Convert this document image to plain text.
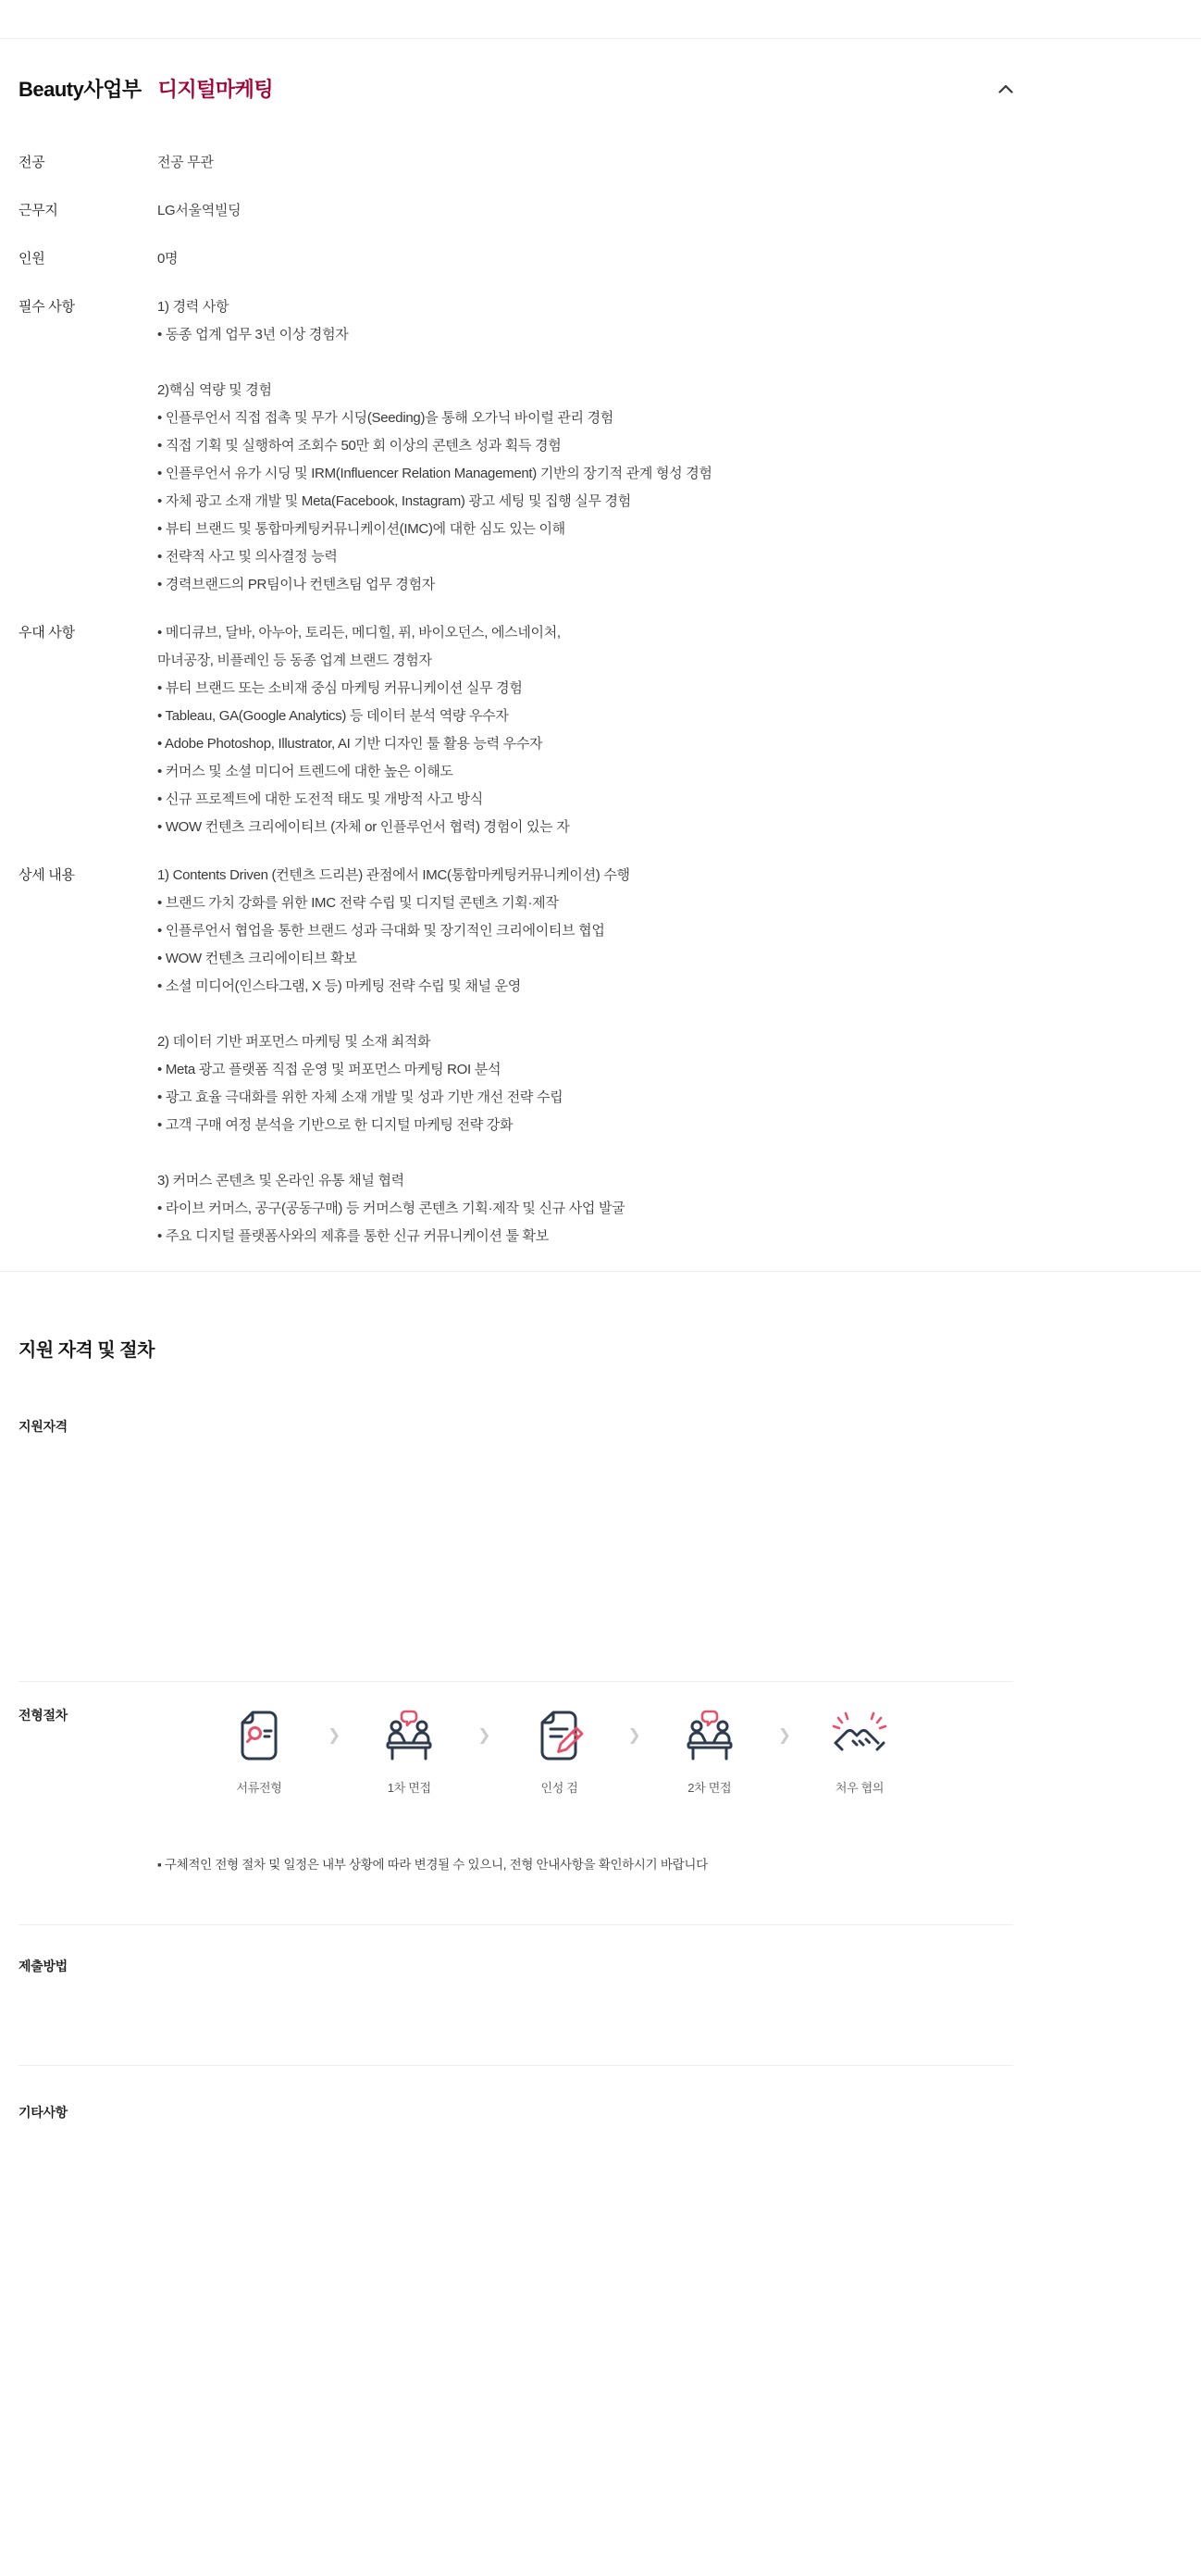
Beauty사업부 디지털마케팅
전공	전공 무관
근무지	LG서울역빌딩
인원	0명
필수 사항	1) 경력 사항
• 동종 업계 업무 3년 이상 경험자
2)핵심 역량 및 경험
• 인플루언서 직접 접촉 및 무가 시딩(Seeding)을 통해 오가닉 바이럴 관리 경험
• 직접 기획 및 실행하여 조회수 50만 회 이상의 콘텐츠 성과 획득 경험
• 인플루언서 유가 시딩 및 IRM(Influencer Relation Management) 기반의 장기적 관계 형성 경험
• 자체 광고 소재 개발 및 Meta(Facebook, Instagram) 광고 세팅 및 집행 실무 경험
• 뷰티 브랜드 및 통합마케팅커뮤니케이션(IMC)에 대한 심도 있는 이해
• 전략적 사고 및 의사결정 능력
• 경력브랜드의 PR팀이나 컨텐츠팀 업무 경험자
우대 사항	• 메디큐브, 달바, 아누아, 토리든, 메디힐, 퓌, 바이오던스, 에스네이처,
마녀공장, 비플레인 등 동종 업계 브랜드 경험자
• 뷰티 브랜드 또는 소비재 중심 마케팅 커뮤니케이션 실무 경험
• Tableau, GA(Google Analytics) 등 데이터 분석 역량 우수자
• Adobe Photoshop, Illustrator, AI 기반 디자인 툴 활용 능력 우수자
• 커머스 및 소셜 미디어 트렌드에 대한 높은 이해도
• 신규 프로젝트에 대한 도전적 태도 및 개방적 사고 방식
• WOW 컨텐츠 크리에이티브 (자체 or 인플루언서 협력) 경험이 있는 자
상세 내용	1) Contents Driven (컨텐츠 드리븐) 관점에서 IMC(통합마케팅커뮤니케이션) 수행
• 브랜드 가치 강화를 위한 IMC 전략 수립 및 디지털 콘텐츠 기획·제작
• 인플루언서 협업을 통한 브랜드 성과 극대화 및 장기적인 크리에이티브 협업
• WOW 컨텐츠 크리에이티브 확보
• 소셜 미디어(인스타그램, X 등) 마케팅 전략 수립 및 채널 운영
2) 데이터 기반 퍼포먼스 마케팅 및 소재 최적화
• Meta 광고 플랫폼 직접 운영 및 퍼포먼스 마케팅 ROI 분석
• 광고 효율 극대화를 위한 자체 소재 개발 및 성과 기반 개선 전략 수립
• 고객 구매 여정 분석을 기반으로 한 디지털 마케팅 전략 강화
3) 커머스 콘텐츠 및 온라인 유통 채널 협력
• 라이브 커머스, 공구(공동구매) 등 커머스형 콘텐츠 기획·제작 및 신규 사업 발굴
• 주요 디지털 플랫폼사와의 제휴를 통한 신규 커뮤니케이션 툴 확보
지원 자격 및 절차
지원자격
전형절차
서류전형
❯
1차 면접
❯
인성 검
❯
2차 면접
❯
처우 협의
▪ 구체적인 전형 절차 및 일정은 내부 상황에 따라 변경될 수 있으니, 전형 안내사항을 확인하시기 바랍니다
제출방법
기타사항
